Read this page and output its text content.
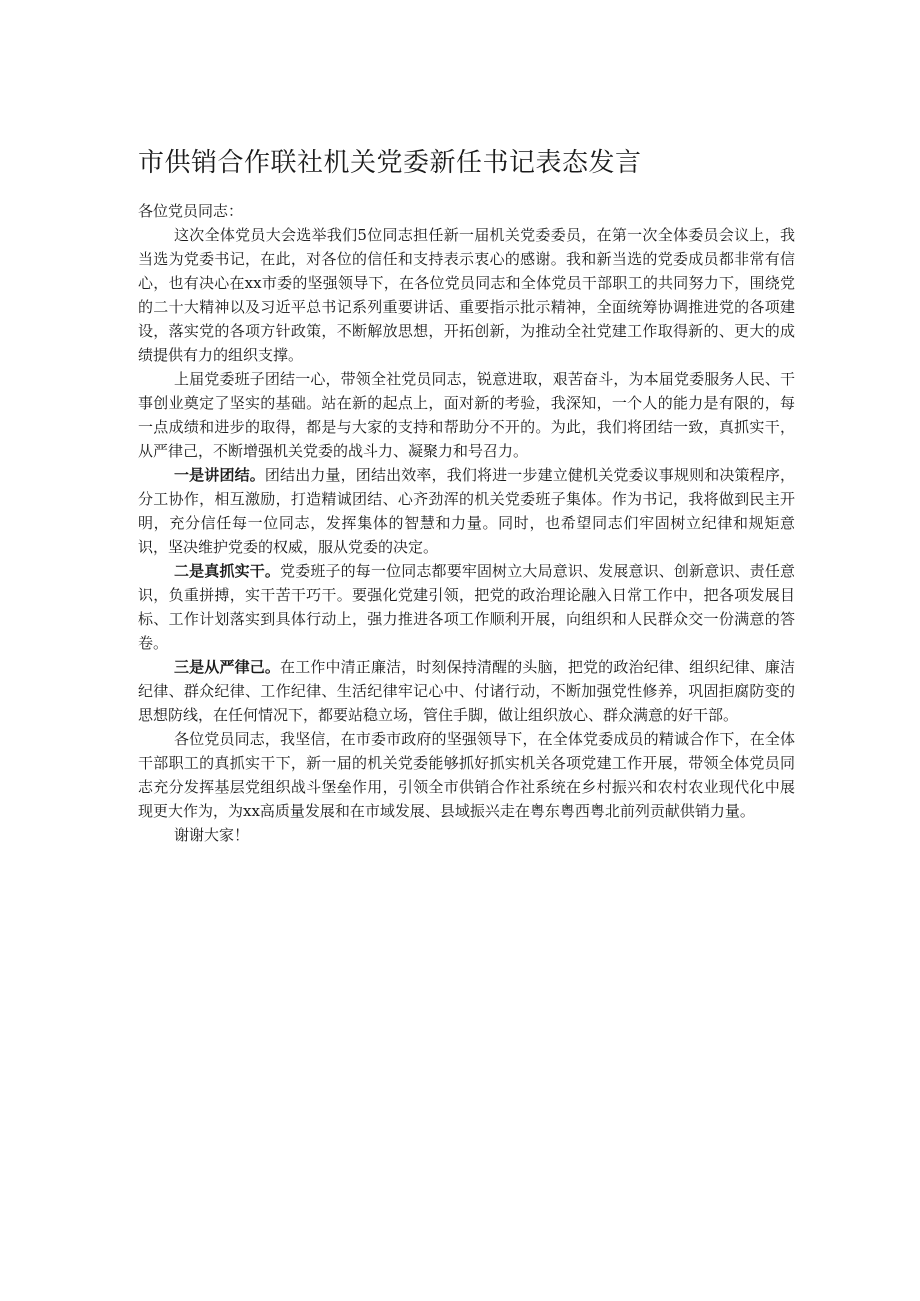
市供销合作联社机关党委新任书记表态发言

各位党员同志：

这次全体党员大会选举我们5位同志担任新一届机关党委委员，在第一次全体委员会议上，我当选为党委书记，在此，对各位的信任和支持表示衷心的感谢。我和新当选的党委成员都非常有信心，也有决心在xx市委的坚强领导下，在各位党员同志和全体党员干部职工的共同努力下，围绕党的二十大精神以及习近平总书记系列重要讲话、重要指示批示精神，全面统筹协调推进党的各项建设，落实党的各项方针政策，不断解放思想，开拓创新，为推动全社党建工作取得新的、更大的成绩提供有力的组织支撑。

上届党委班子团结一心，带领全社党员同志，锐意进取，艰苦奋斗，为本届党委服务人民、干事创业奠定了坚实的基础。站在新的起点上，面对新的考验，我深知，一个人的能力是有限的，每一点成绩和进步的取得，都是与大家的支持和帮助分不开的。为此，我们将团结一致，真抓实干，从严律己，不断增强机关党委的战斗力、凝聚力和号召力。

一是讲团结。团结出力量，团结出效率，我们将进一步建立健机关党委议事规则和决策程序，分工协作，相互激励，打造精诚团结、心齐劲浑的机关党委班子集体。作为书记，我将做到民主开明，充分信任每一位同志，发挥集体的智慧和力量。同时，也希望同志们牢固树立纪律和规矩意识，坚决维护党委的权威，服从党委的决定。

二是真抓实干。党委班子的每一位同志都要牢固树立大局意识、发展意识、创新意识、责任意识，负重拼搏，实干苦干巧干。要强化党建引领，把党的政治理论融入日常工作中，把各项发展目标、工作计划落实到具体行动上，强力推进各项工作顺利开展，向组织和人民群众交一份满意的答卷。

三是从严律己。在工作中清正廉洁，时刻保持清醒的头脑，把党的政治纪律、组织纪律、廉洁纪律、群众纪律、工作纪律、生活纪律牢记心中、付诸行动，不断加强党性修养，巩固拒腐防变的思想防线，在任何情况下，都要站稳立场，管住手脚，做让组织放心、群众满意的好干部。

各位党员同志，我坚信，在市委市政府的坚强领导下，在全体党委成员的精诚合作下，在全体干部职工的真抓实干下，新一届的机关党委能够抓好抓实机关各项党建工作开展，带领全体党员同志充分发挥基层党组织战斗堡垒作用，引领全市供销合作社系统在乡村振兴和农村农业现代化中展现更大作为，为xx高质量发展和在市域发展、县域振兴走在粤东粤西粤北前列贡献供销力量。

谢谢大家！
